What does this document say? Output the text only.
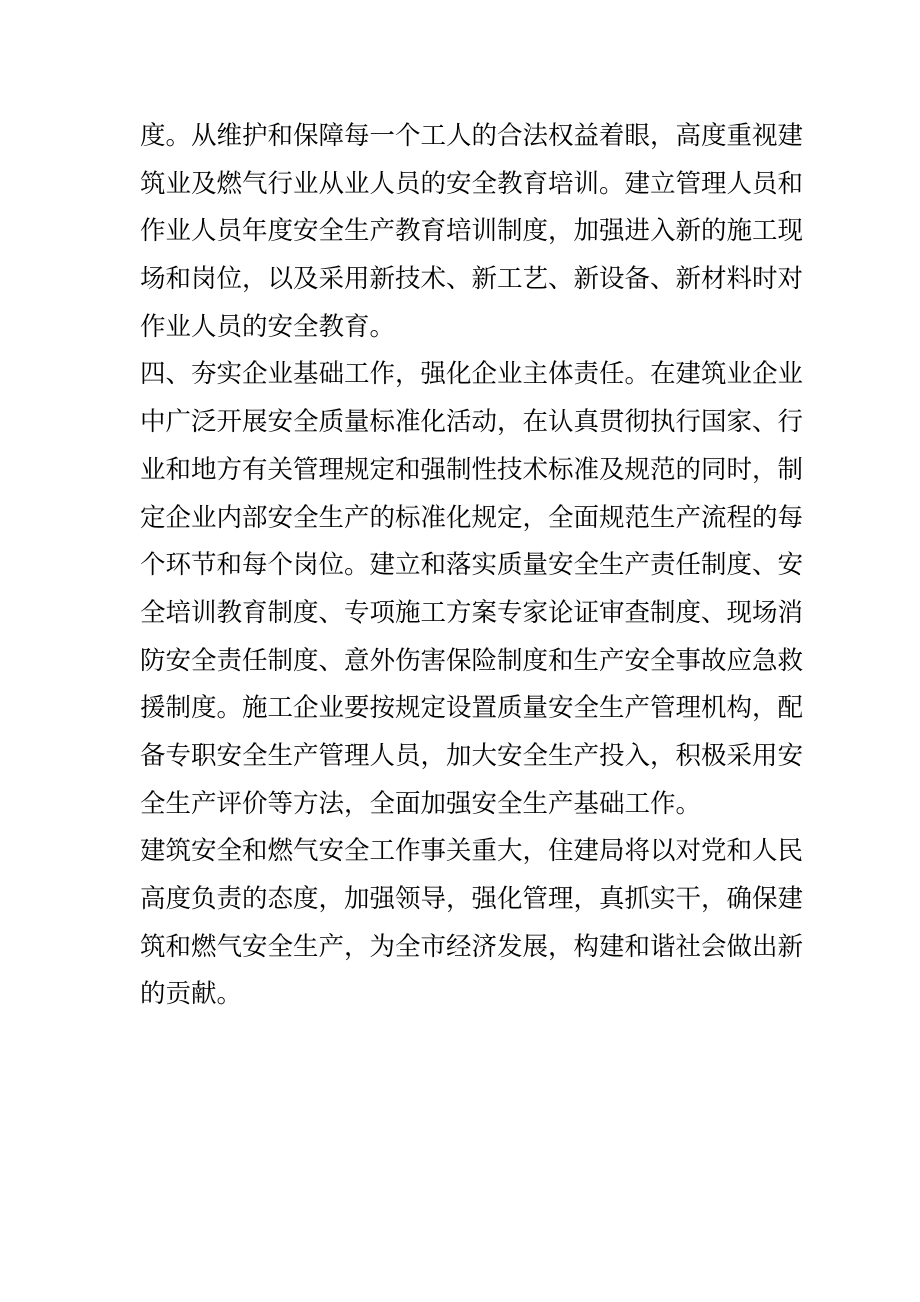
度。从维护和保障每一个工人的合法权益着眼，高度重视建
筑业及燃气行业从业人员的安全教育培训。建立管理人员和
作业人员年度安全生产教育培训制度，加强进入新的施工现
场和岗位，以及采用新技术、新工艺、新设备、新材料时对
作业人员的安全教育。
四、夯实企业基础工作，强化企业主体责任。在建筑业企业
中广泛开展安全质量标准化活动，在认真贯彻执行国家、行
业和地方有关管理规定和强制性技术标准及规范的同时，制
定企业内部安全生产的标准化规定，全面规范生产流程的每
个环节和每个岗位。建立和落实质量安全生产责任制度、安
全培训教育制度、专项施工方案专家论证审查制度、现场消
防安全责任制度、意外伤害保险制度和生产安全事故应急救
援制度。施工企业要按规定设置质量安全生产管理机构，配
备专职安全生产管理人员，加大安全生产投入，积极采用安
全生产评价等方法，全面加强安全生产基础工作。
建筑安全和燃气安全工作事关重大，住建局将以对党和人民
高度负责的态度，加强领导，强化管理，真抓实干，确保建
筑和燃气安全生产，为全市经济发展，构建和谐社会做出新
的贡献。
